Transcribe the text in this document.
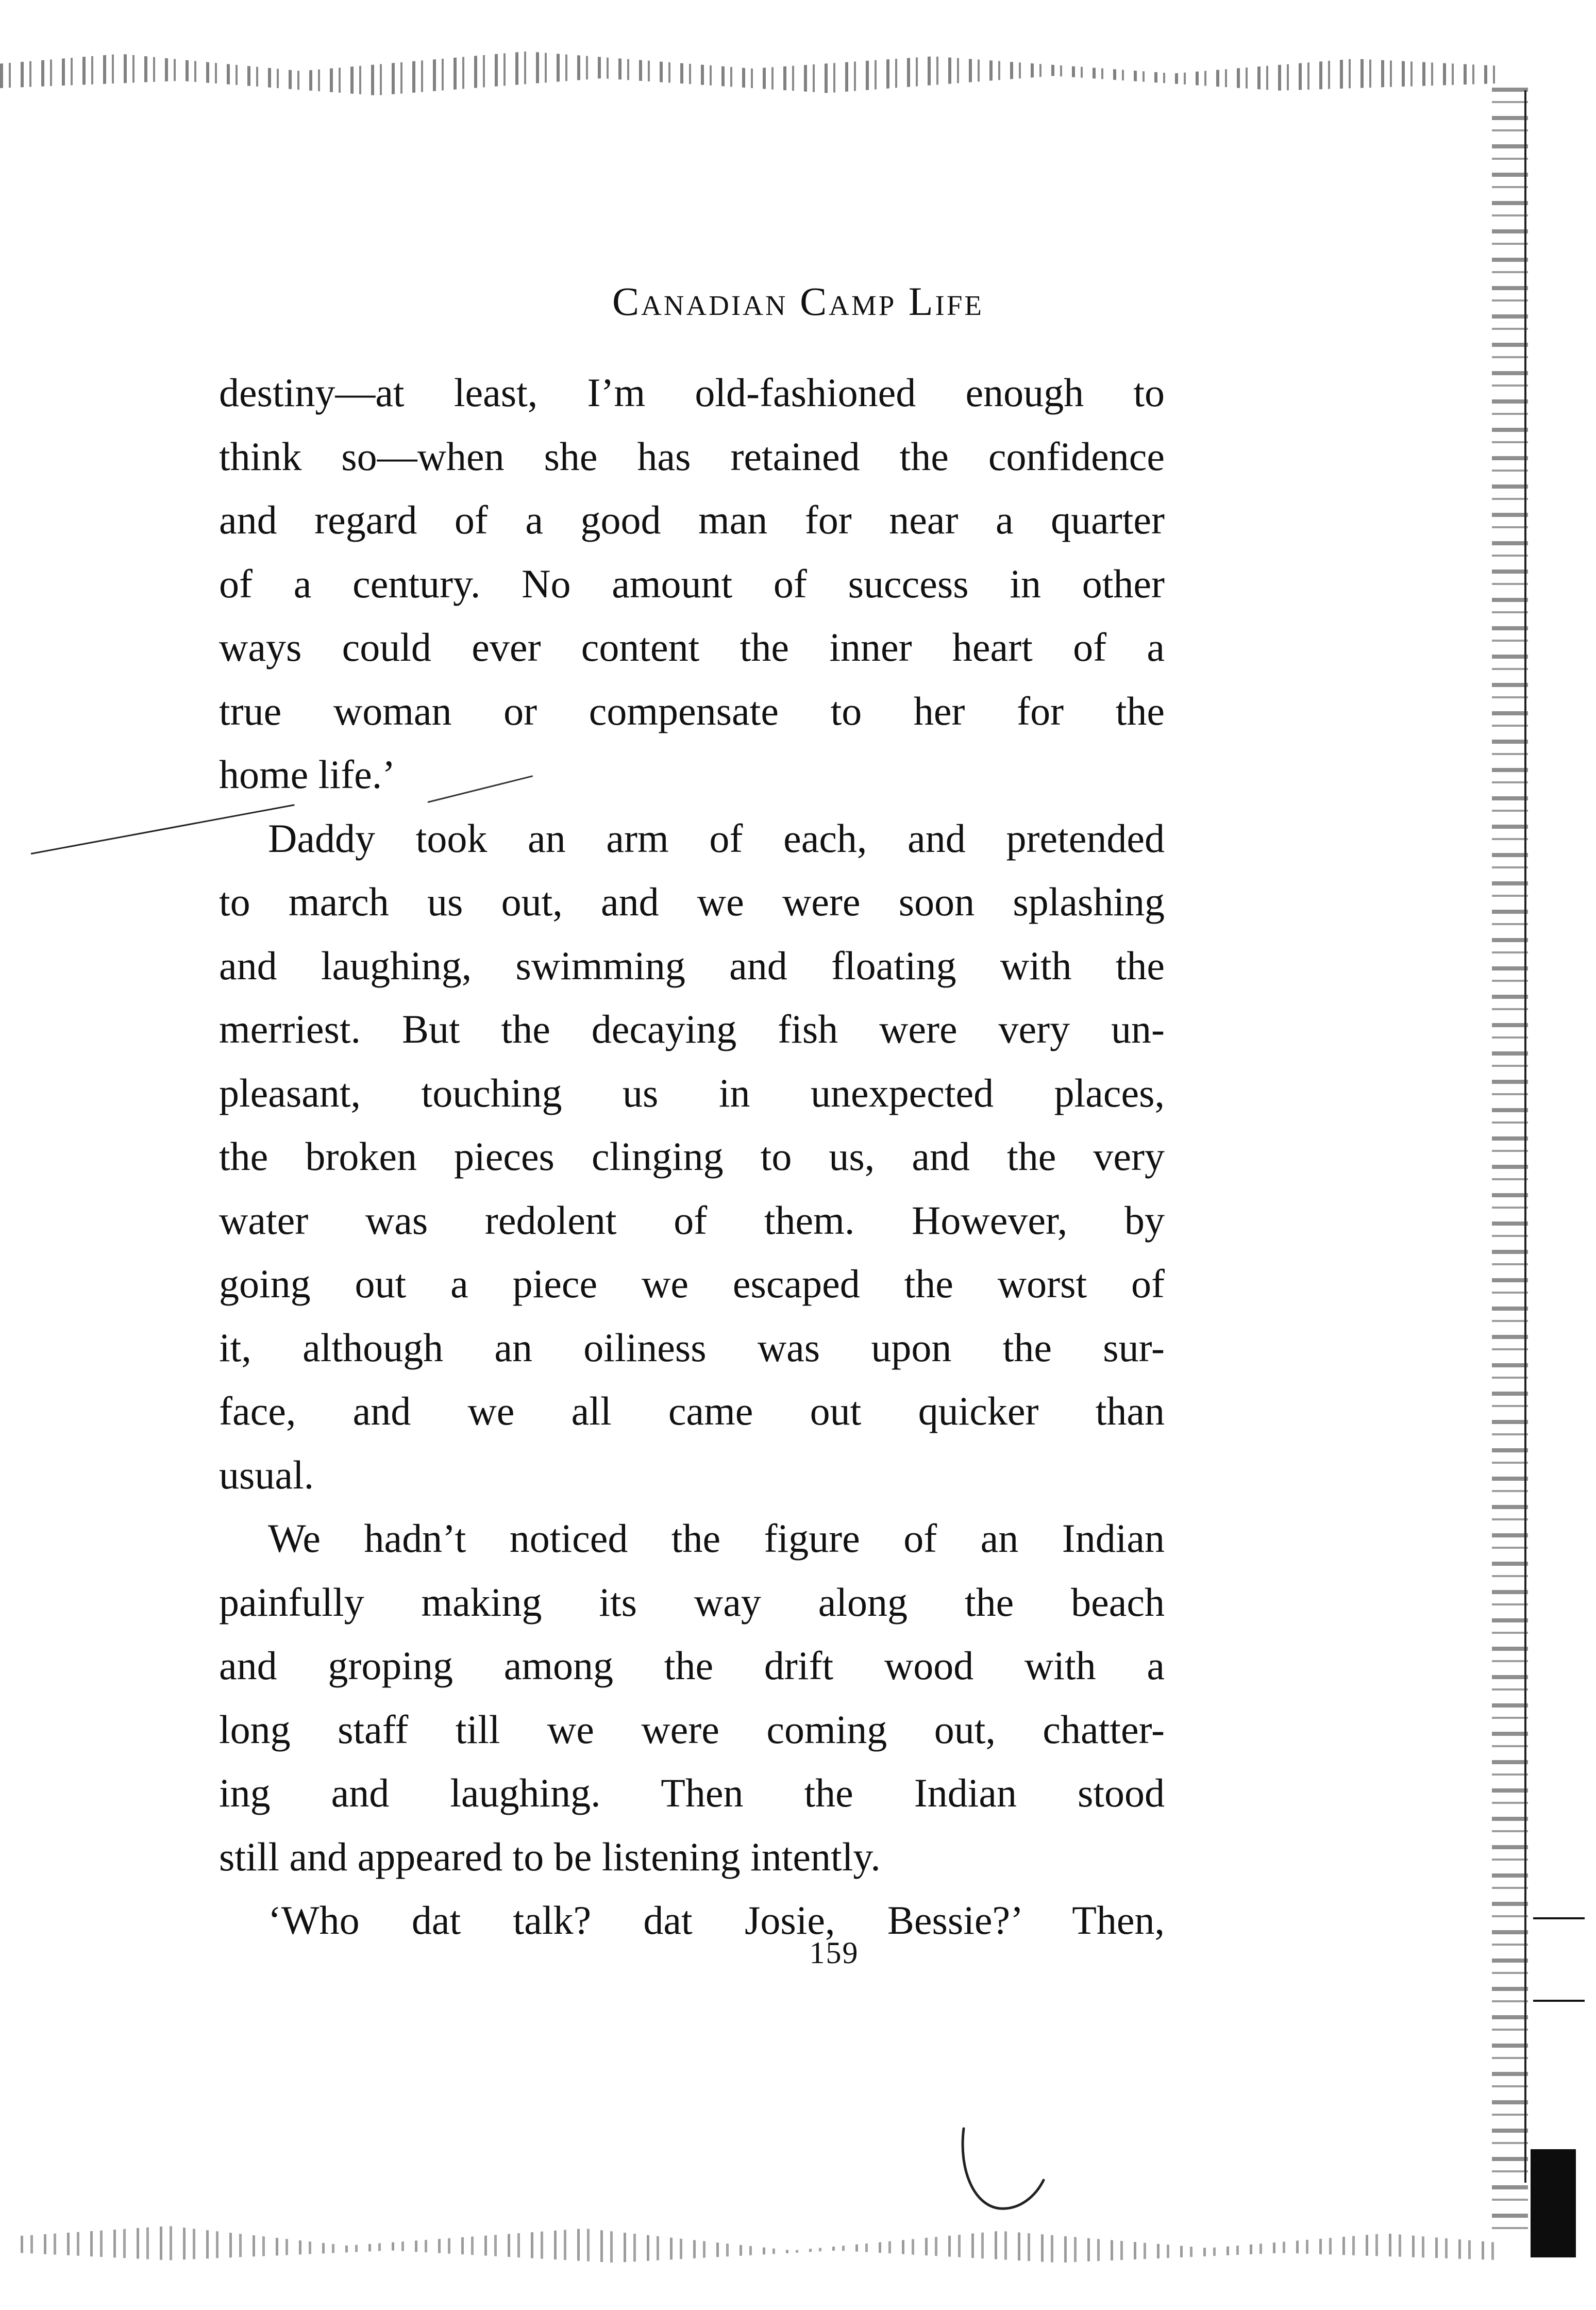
Canadian Camp Life
destiny—at least, I’m old-fashioned enough to
think so—when she has retained the confidence
and regard of a good man for near a quarter
of a century. No amount of success in other
ways could ever content the inner heart of a
true woman or compensate to her for the
home life.’
Daddy took an arm of each, and pretended
to march us out, and we were soon splashing
and laughing, swimming and floating with the
merriest. But the decaying fish were very un-
pleasant, touching us in unexpected places,
the broken pieces clinging to us, and the very
water was redolent of them. However, by
going out a piece we escaped the worst of
it, although an oiliness was upon the sur-
face, and we all came out quicker than
usual.
We hadn’t noticed the figure of an Indian
painfully making its way along the beach
and groping among the drift wood with a
long staff till we were coming out, chatter-
ing and laughing. Then the Indian stood
still and appeared to be listening intently.
‘Who dat talk? dat Josie, Bessie?’ Then,
159
